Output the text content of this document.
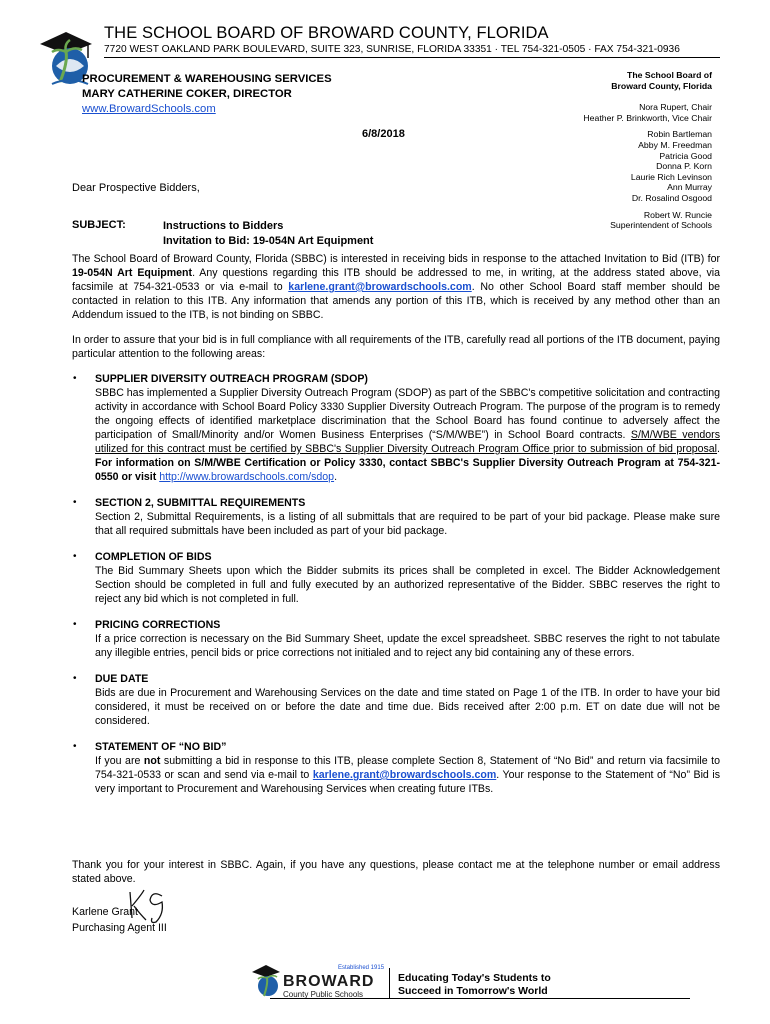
THE SCHOOL BOARD OF BROWARD COUNTY, FLORIDA
7720 WEST OAKLAND PARK BOULEVARD, SUITE 323, SUNRISE, FLORIDA 33351 · TEL 754-321-0505 · FAX 754-321-0936
PROCUREMENT & WAREHOUSING SERVICES
MARY CATHERINE COKER, DIRECTOR
www.BrowardSchools.com
6/8/2018
The School Board of
Broward County, Florida
Nora Rupert, Chair
Heather P. Brinkworth, Vice Chair
Robin Bartleman
Abby M. Freedman
Patricia Good
Donna P. Korn
Laurie Rich Levinson
Ann Murray
Dr. Rosalind Osgood
Robert W. Runcie
Superintendent of Schools
Dear Prospective Bidders,
SUBJECT:	Instructions to Bidders
Invitation to Bid: 19-054N Art Equipment

The School Board of Broward County, Florida (SBBC) is interested in receiving bids in response to the attached Invitation to Bid (ITB) for 19-054N Art Equipment. Any questions regarding this ITB should be addressed to me, in writing, at the address stated above, via facsimile at 754-321-0533 or via e-mail to karlene.grant@browardschools.com. No other School Board staff member should be contacted in relation to this ITB. Any information that amends any portion of this ITB, which is received by any method other than an Addendum issued to the ITB, is not binding on SBBC.

In order to assure that your bid is in full compliance with all requirements of the ITB, carefully read all portions of the ITB document, paying particular attention to the following areas:

• SUPPLIER DIVERSITY OUTREACH PROGRAM (SDOP)
SBBC has implemented a Supplier Diversity Outreach Program (SDOP) as part of the SBBC's competitive solicitation and contracting activity in accordance with School Board Policy 3330 Supplier Diversity Outreach Program. The purpose of the program is to remedy the ongoing effects of identified marketplace discrimination that the School Board has found continue to adversely affect the participation of Small/Minority and/or Women Business Enterprises (“S/M/WBE”) in School Board contracts. S/M/WBE vendors utilized for this contract must be certified by SBBC's Supplier Diversity Outreach Program Office prior to submission of bid proposal. For information on S/M/WBE Certification or Policy 3330, contact SBBC's Supplier Diversity Outreach Program at 754-321-0550 or visit http://www.browardschools.com/sdop.
• SECTION 2, SUBMITTAL REQUIREMENTS
Section 2, Submittal Requirements, is a listing of all submittals that are required to be part of your bid package. Please make sure that all required submittals have been included as part of your bid package.
• COMPLETION OF BIDS
The Bid Summary Sheets upon which the Bidder submits its prices shall be completed in excel. The Bidder Acknowledgement Section should be completed in full and fully executed by an authorized representative of the Bidder. SBBC reserves the right to reject any bid which is not completed in full.
• PRICING CORRECTIONS
If a price correction is necessary on the Bid Summary Sheet, update the excel spreadsheet. SBBC reserves the right to not tabulate any illegible entries, pencil bids or price corrections not initialed and to reject any bid containing any of these errors.
• DUE DATE
Bids are due in Procurement and Warehousing Services on the date and time stated on Page 1 of the ITB. In order to have your bid considered, it must be received on or before the date and time due. Bids received after 2:00 p.m. ET on date due will not be considered.
• STATEMENT OF “NO BID”
If you are not submitting a bid in response to this ITB, please complete Section 8, Statement of “No Bid” and return via facsimile to 754-321-0533 or scan and send via e-mail to karlene.grant@browardschools.com. Your response to the Statement of “No” Bid is very important to Procurement and Warehousing Services when creating future ITBs.
Thank you for your interest in SBBC. Again, if you have any questions, please contact me at the telephone number or email address stated above.
Karlene Grant
Purchasing Agent III
Established 1915
BROWARD
County Public Schools
Educating Today's Students to
Succeed in Tomorrow's World
